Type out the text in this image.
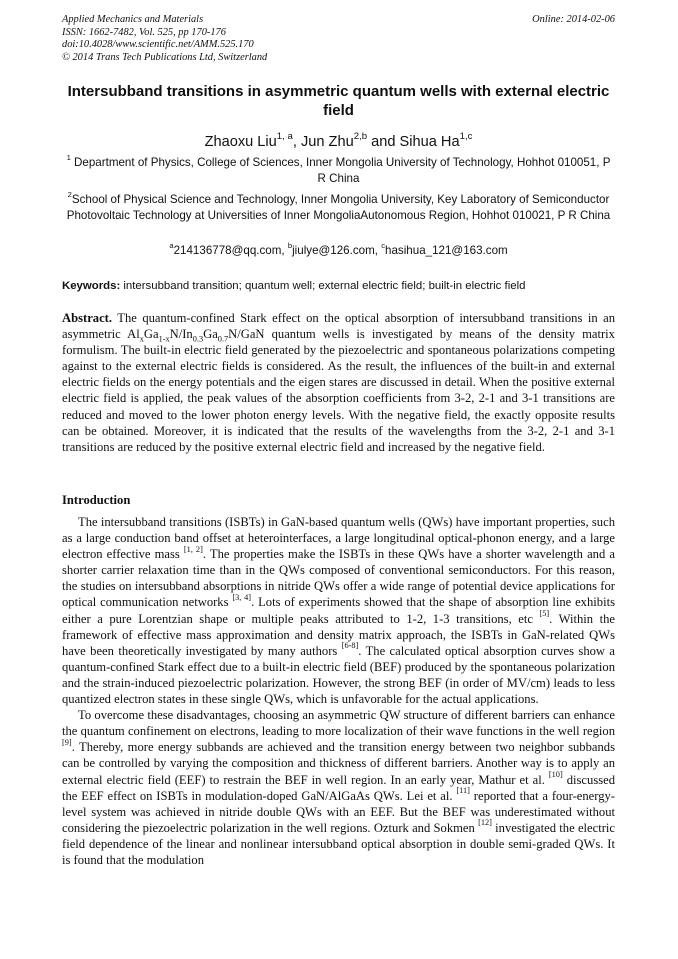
Applied Mechanics and Materials
ISSN: 1662-7482, Vol. 525, pp 170-176
doi:10.4028/www.scientific.net/AMM.525.170
© 2014 Trans Tech Publications Ltd, Switzerland
Online: 2014-02-06
Intersubband transitions in asymmetric quantum wells with external electric field
Zhaoxu Liu$^{1, a}$, Jun Zhu$^{2,b}$ and Sihua Ha$^{1,c}$
$^1$ Department of Physics, College of Sciences, Inner Mongolia University of Technology, Hohhot 010051, P R China
$^2$School of Physical Science and Technology, Inner Mongolia University, Key Laboratory of Semiconductor Photovoltaic Technology at Universities of Inner MongoliaAutonomous Region, Hohhot 010021, P R China
$^a$214136778@qq.com, $^b$jiulye@126.com, $^c$hasihua_121@163.com
Keywords: intersubband transition; quantum well; external electric field; built-in electric field

Abstract. The quantum-confined Stark effect on the optical absorption of intersubband transitions in an asymmetric $Al_xGa_{1-x}N/In_{0.3}Ga_{0.7}N$/GaN quantum wells is investigated by means of the density matrix formulism. The built-in electric field generated by the piezoelectric and spontaneous polarizations competing against to the external electric fields is considered. As the result, the influences of the built-in and external electric fields on the energy potentials and the eigen stares are discussed in detail. When the positive external electric field is applied, the peak values of the absorption coefficients from 3-2, 2-1 and 3-1 transitions are reduced and moved to the lower photon energy levels. With the negative field, the exactly opposite results can be obtained. Moreover, it is indicated that the results of the wavelengths from the 3-2, 2-1 and 3-1 transitions are reduced by the positive external electric field and increased by the negative field.

Introduction

The intersubband transitions (ISBTs) in GaN-based quantum wells (QWs) have important properties, such as a large conduction band offset at heterointerfaces, a large longitudinal optical-phonon energy, and a large electron effective mass [1, 2]. The properties make the ISBTs in these QWs have a shorter wavelength and a shorter carrier relaxation time than in the QWs composed of conventional semiconductors. For this reason, the studies on intersubband absorptions in nitride QWs offer a wide range of potential device applications for optical communication networks [3, 4]. Lots of experiments showed that the shape of absorption line exhibits either a pure Lorentzian shape or multiple peaks attributed to 1-2, 1-3 transitions, etc [5]. Within the framework of effective mass approximation and density matrix approach, the ISBTs in GaN-related QWs have been theoretically investigated by many authors [6-8]. The calculated optical absorption curves show a quantum-confined Stark effect due to a built-in electric field (BEF) produced by the spontaneous polarization and the strain-induced piezoelectric polarization. However, the strong BEF (in order of MV/cm) leads to less quantized electron states in these single QWs, which is unfavorable for the actual applications.

To overcome these disadvantages, choosing an asymmetric QW structure of different barriers can enhance the quantum confinement on electrons, leading to more localization of their wave functions in the well region [9]. Thereby, more energy subbands are achieved and the transition energy between two neighbor subbands can be controlled by varying the composition and thickness of different barriers. Another way is to apply an external electric field (EEF) to restrain the BEF in well region. In an early year, Mathur et al. [10] discussed the EEF effect on ISBTs in modulation-doped GaN/AlGaAs QWs. Lei et al. [11] reported that a four-energy-level system was achieved in nitride double QWs with an EEF. But the BEF was underestimated without considering the piezoelectric polarization in the well regions. Ozturk and Sokmen [12] investigated the electric field dependence of the linear and nonlinear intersubband optical absorption in double semi-graded QWs. It is found that the modulation
